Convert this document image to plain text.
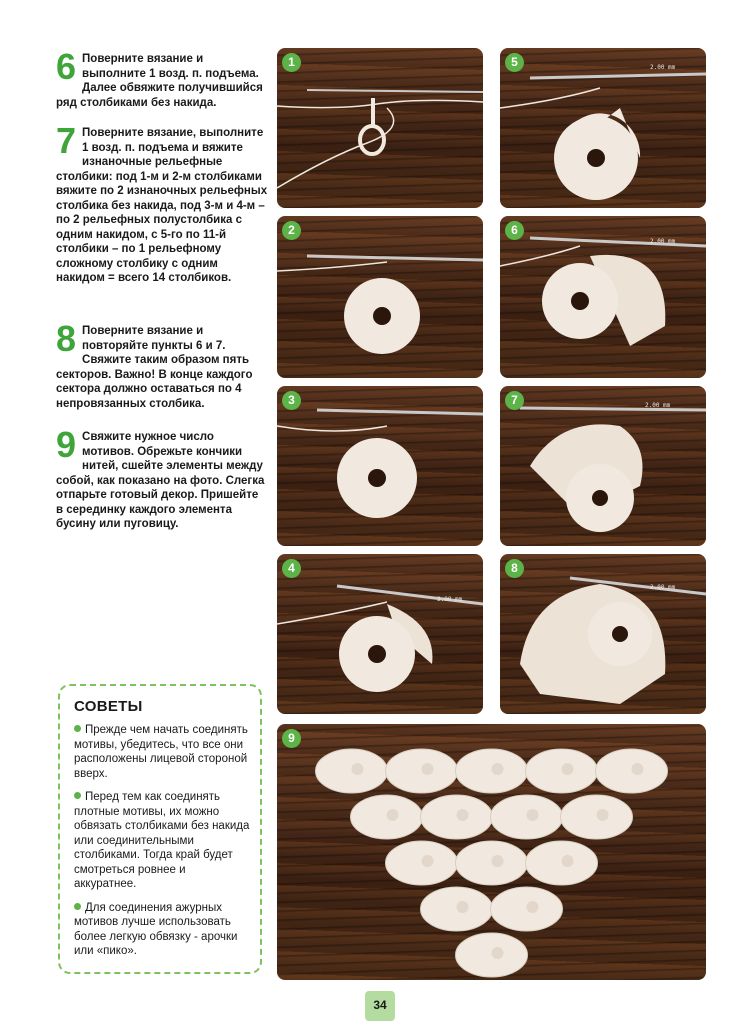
6 Поверните вязание и выполните 1 возд. п. подъема. Далее обвяжите получившийся ряд столбиками без накида.
7 Поверните вязание, выполните 1 возд. п. подъема и вяжите изнаночные рельефные столбики: под 1-м и 2-м столбиками вяжите по 2 изнаночных рельефных столбика без накида, под 3-м и 4-м – по 2 рельефных полустолбика с одним накидом, с 5-го по 11-й столбики – по 1 рельефному сложному столбику с одним накидом = всего 14 столбиков.
8 Поверните вязание и повторяйте пункты 6 и 7. Свяжите таким образом пять секторов. Важно! В конце каждого сектора должно оставаться по 4 непровязанных столбика.
9 Свяжите нужное число мотивов. Обрежьте кончики нитей, сшейте элементы между собой, как показано на фото. Слегка отпарьте готовый декор. Пришейте в серединку каждого элемента бусину или пуговицу.
1	5	2.00 mm
2	6
2.00 mm
3	7	2.00 mm
4
2.00 mm
8
2.00 mm
9
СОВЕТЫ
Прежде чем начать соединять мотивы, убедитесь, что все они расположены лицевой стороной вверх.
Перед тем как соединять плотные мотивы, их можно обвязать столбиками без накида или соединительными столбиками. Тогда край будет смотреться ровнее и аккуратнее.
Для соединения ажурных мотивов лучше использовать более легкую обвязку - арочки или «пико».
34
